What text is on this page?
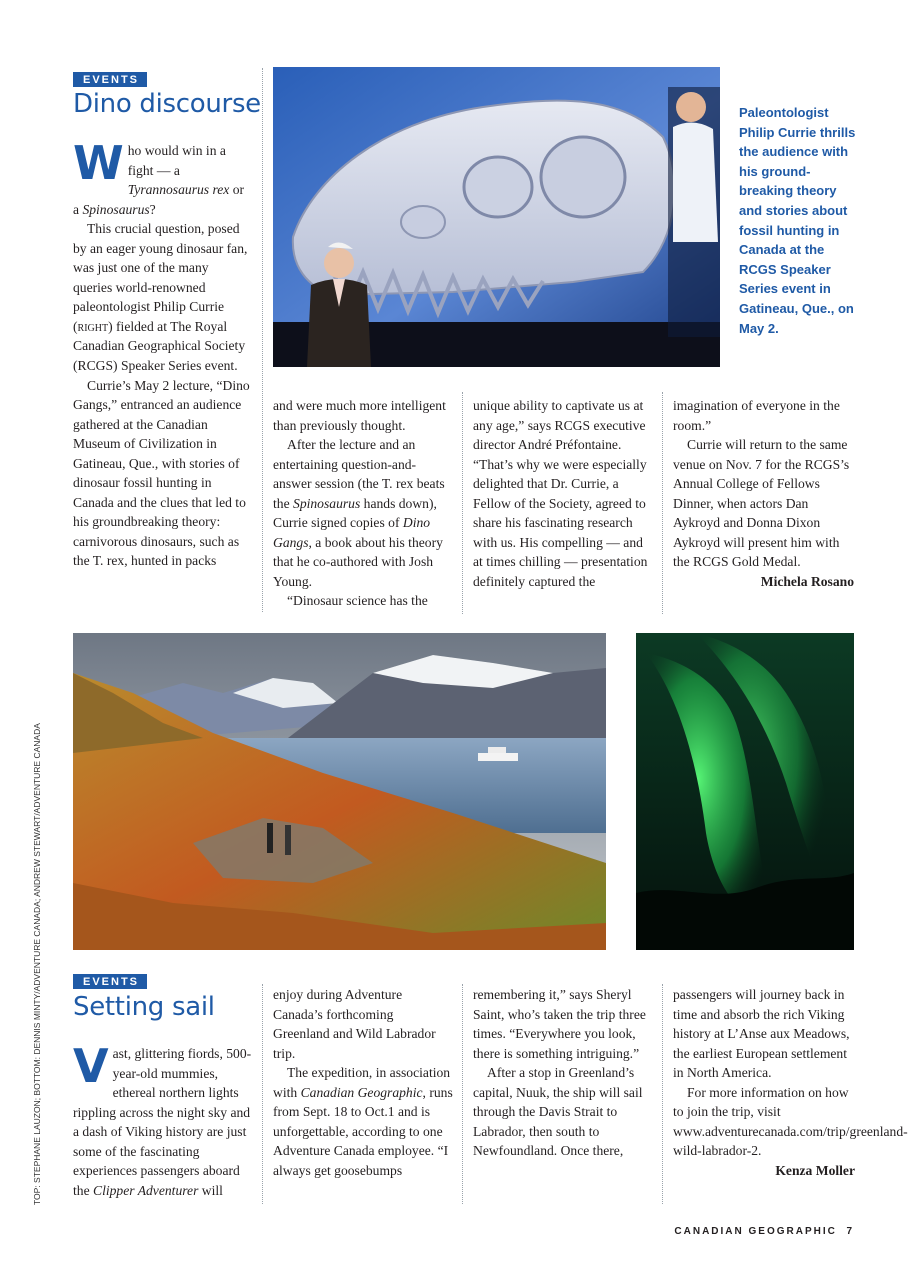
EVENTS
Dino discourse

Who would win in a fight — a Tyrannosaurus rex or a Spinosaurus?

This crucial question, posed by an eager young dinosaur fan, was just one of the many queries world-renowned paleontologist Philip Currie (right) fielded at The Royal Canadian Geographical Society (RCGS) Speaker Series event.

Currie’s May 2 lecture, “Dino Gangs,” entranced an audience gathered at the Canadian Museum of Civilization in Gatineau, Que., with stories of dinosaur fossil hunting in Canada and the clues that led to his groundbreaking theory: carnivorous dinosaurs, such as the T. rex, hunted in packs

Paleontologist Philip Currie thrills the audience with his ground-breaking theory and stories about fossil hunting in Canada at the RCGS Speaker Series event in Gatineau, Que., on May 2.

and were much more intelligent than previously thought.

After the lecture and an entertaining question-and-answer session (the T. rex beats the Spinosaurus hands down), Currie signed copies of Dino Gangs, a book about his theory that he co-authored with Josh Young.

“Dinosaur science has the

unique ability to captivate us at any age,” says RCGS executive director André Préfontaine. “That’s why we were especially delighted that Dr. Currie, a Fellow of the Society, agreed to share his fascinating research with us. His compelling — and at times chilling — presentation definitely captured the

imagination of everyone in the room.”

Currie will return to the same venue on Nov. 7 for the RCGS’s Annual College of Fellows Dinner, when actors Dan Aykroyd and Donna Dixon Aykroyd will present him with the RCGS Gold Medal.

Michela Rosano

EVENTS
Setting sail

Vast, glittering fiords, 500-year-old mummies, ethereal northern lights rippling across the night sky and a dash of Viking history are just some of the fascinating experiences passengers aboard the Clipper Adventurer will

enjoy during Adventure Canada’s forthcoming Greenland and Wild Labrador trip.

The expedition, in association with Canadian Geographic, runs from Sept. 18 to Oct.1 and is unforgettable, according to one Adventure Canada employee. “I always get goosebumps

remembering it,” says Sheryl Saint, who’s taken the trip three times. “Everywhere you look, there is something intriguing.”

After a stop in Greenland’s capital, Nuuk, the ship will sail through the Davis Strait to Labrador, then south to Newfoundland. Once there,

passengers will journey back in time and absorb the rich Viking history at L’Anse aux Meadows, the earliest European settlement in North America.

For more information on how to join the trip, visit www.adventurecanada.com/trip/greenland-wild-labrador-2.

Kenza Moller

TOP: STEPHANE LAUZON; BOTTOM: DENNIS MINTY/ADVENTURE CANADA; ANDREW STEWART/ADVENTURE CANADA
CANADIAN GEOGRAPHIC 7
